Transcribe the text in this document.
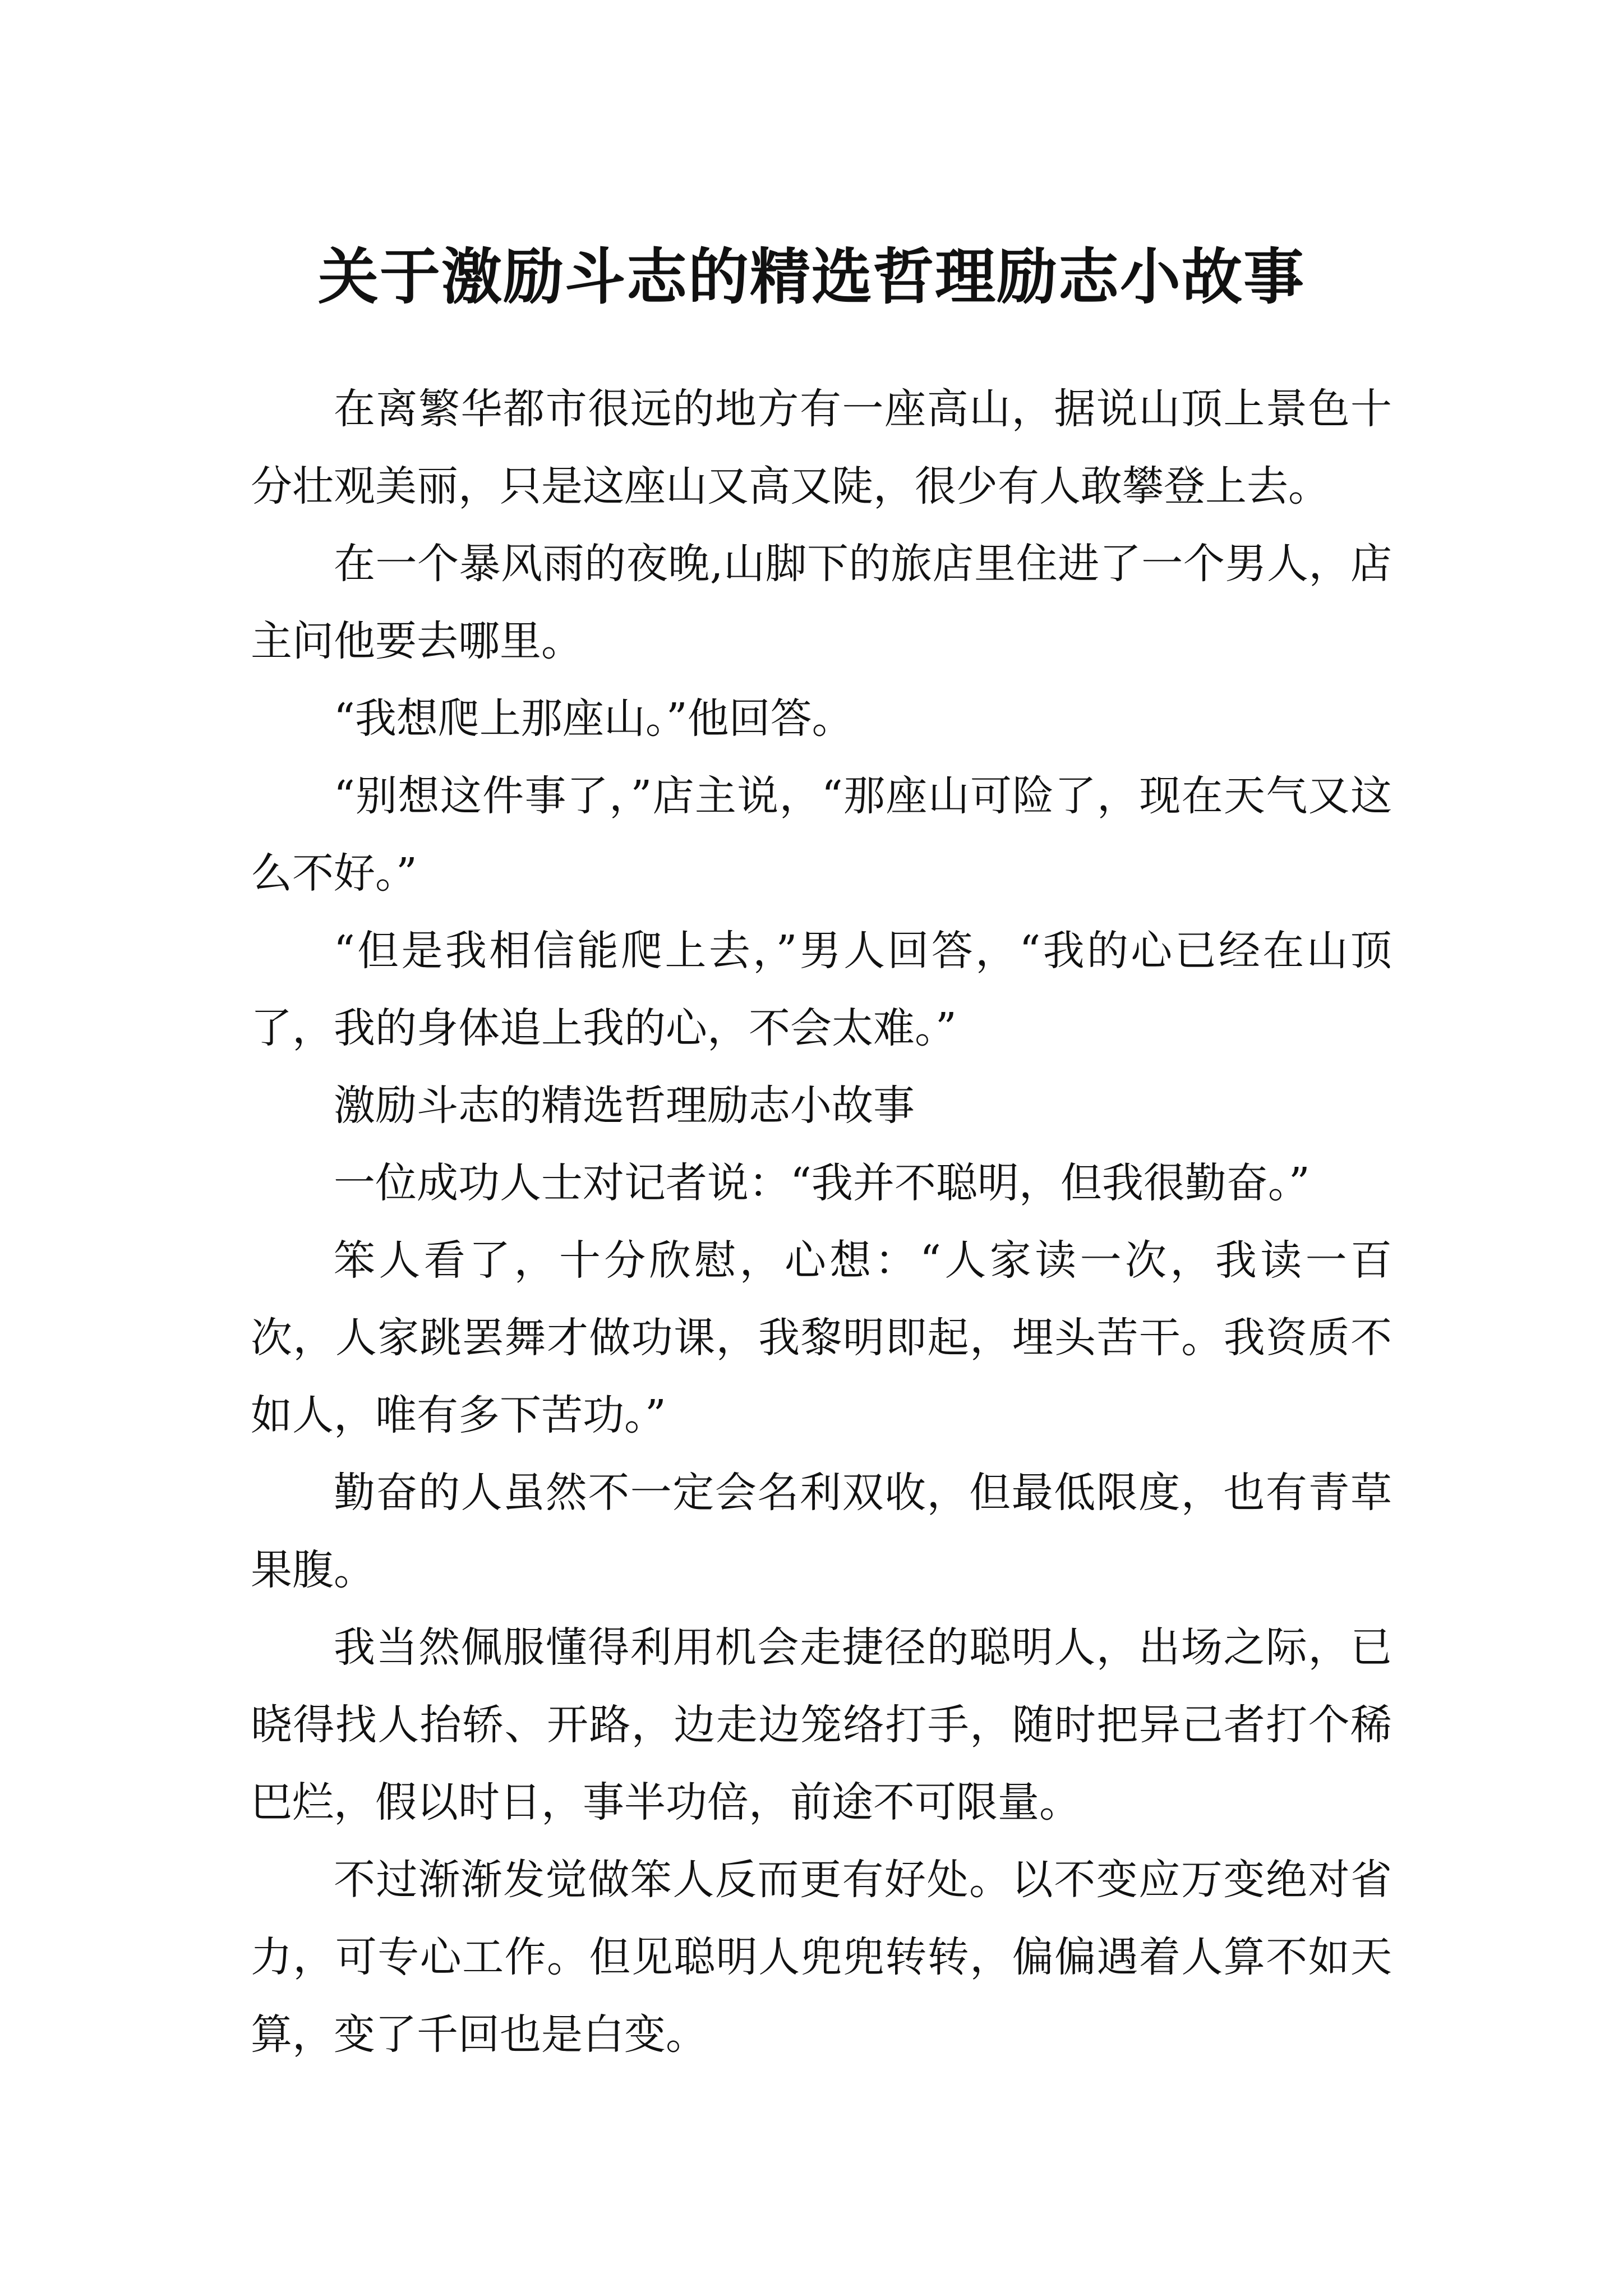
关于激励斗志的精选哲理励志小故事

在离繁华都市很远的地方有一座高山，据说山顶上景色十分壮观美丽，只是这座山又高又陡，很少有人敢攀登上去。

在一个暴风雨的夜晚,山脚下的旅店里住进了一个男人，店主问他要去哪里。

“我想爬上那座山。”他回答。

“别想这件事了，”店主说，“那座山可险了，现在天气又这么不好。”

“但是我相信能爬上去，”男人回答，“我的心已经在山顶了，我的身体追上我的心，不会太难。”

激励斗志的精选哲理励志小故事

一位成功人士对记者说：“我并不聪明，但我很勤奋。”

笨人看了，十分欣慰，心想：“人家读一次，我读一百次，人家跳罢舞才做功课，我黎明即起，埋头苦干。我资质不如人，唯有多下苦功。”

勤奋的人虽然不一定会名利双收，但最低限度，也有青草果腹。

我当然佩服懂得利用机会走捷径的聪明人，出场之际，已晓得找人抬轿、开路，边走边笼络打手，随时把异己者打个稀巴烂，假以时日，事半功倍，前途不可限量。

不过渐渐发觉做笨人反而更有好处。以不变应万变绝对省力，可专心工作。但见聪明人兜兜转转，偏偏遇着人算不如天算，变了千回也是白变。
